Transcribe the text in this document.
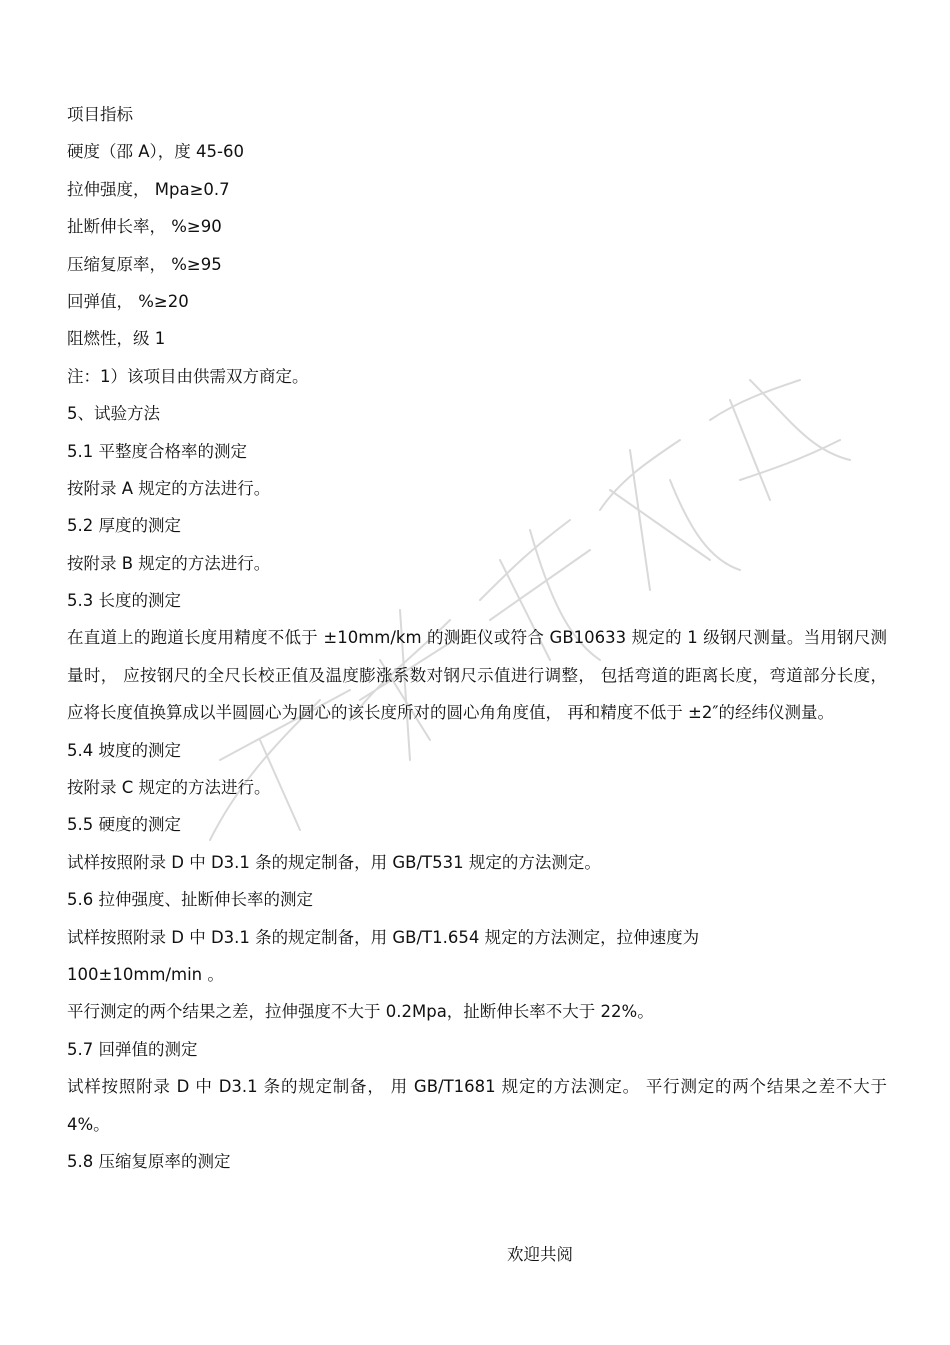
项目指标
硬度（邵 A），度 45-60
拉伸强度， Mpa≥0.7
扯断伸长率， %≥90
压缩复原率， %≥95
回弹值， %≥20
阻燃性，级 1
注：1）该项目由供需双方商定。
5、试验方法
5.1 平整度合格率的测定
按附录 A 规定的方法进行。
5.2 厚度的测定
按附录 B 规定的方法进行。
5.3 长度的测定

在直道上的跑道长度用精度不低于 ±10mm/km 的测距仪或符合 GB10633 规定的 1 级钢尺测量。当用钢尺测量时， 应按钢尺的全尺长校正值及温度膨涨系数对钢尺示值进行调整， 包括弯道的距离长度，弯道部分长度， 应将长度值换算成以半圆圆心为圆心的该长度所对的圆心角角度值， 再和精度不低于 ±2″的经纬仪测量。

5.4 坡度的测定
按附录 C 规定的方法进行。
5.5 硬度的测定
试样按照附录 D 中 D3.1 条的规定制备，用 GB/T531 规定的方法测定。
5.6 拉伸强度、扯断伸长率的测定
试样按照附录 D 中 D3.1 条的规定制备，用 GB/T1.654 规定的方法测定，拉伸速度为
100±10mm/min 。
平行测定的两个结果之差，拉伸强度不大于 0.2Mpa，扯断伸长率不大于 22%。
5.7 回弹值的测定

试样按照附录 D 中 D3.1 条的规定制备， 用 GB/T1681 规定的方法测定。 平行测定的两个结果之差不大于 4%。

5.8 压缩复原率的测定
欢迎共阅
